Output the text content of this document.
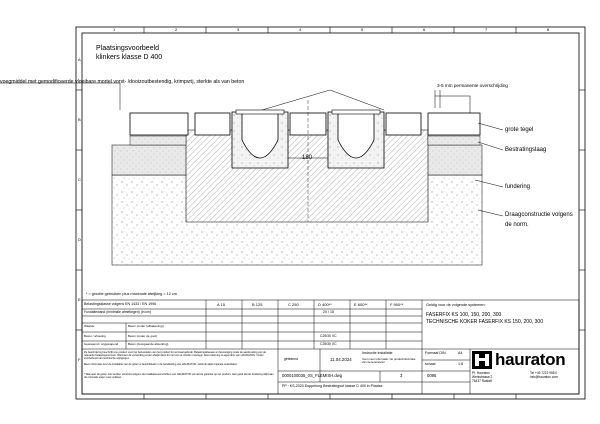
1	2	3	4	5	6	7	8
A
B
C
D
E
F
Plaatsingsvoorbeeld
klinkers klasse D 400
voegmiddel met gemodificeerde vloeibare mortel vorst- /dooizoutbestendig, krimpvrij, sterkte als van beton
3-5 mm permanente overschrijding
180
grote tegel
Bestratingslaag
fundering
Draagconstructie volgens
de norm.
* = grootte gebruiken plus maximale afwijking = 12 cm
Belastingsklasse volgens EN 1433 / EN 1996	A 15	B 125	C 250	D 400**	E 600**	F 900**
Fundatiewand (minimale afmetingen) (in cm)	20 / 15
Waarde	Beton (onder (afbakening))
Beton / afmeting	Beton (onder de goot)	C25/30 XC
Gewapend / ongewapend	Beton (doorgaande afwerking)	C25/30 XC
De beschrijving beschrijft ons product voor het behandelen van het product bij normaal gebruik. Belastingsklassen en bevestiging zoals de aanbeveling van de relevante belastingsnormen. Wanneer de verwerking ervan afwijkt dient dit met ons te worden overlegd. Deze tekening is eigendom van HAURATON. Onder voorbehoud van technische wijzigingen.
Meer informatie over de installatie van de goten is beschikbaar in de handleiding van HAURATON. Gebruik altijd originele onderdelen.
* Wanneer de goten niet worden verwerkt volgens de installatievoorschriften van HAURATON vervalt de garantie op het product. Hier geldt dat de fundering altijd aan de minimale eisen moet voldoen.
Geldig voor de volgende systemen:
FASERFIX KS 100, 150, 200, 300
TECHNISCHE KOKER FASERFIX KS 150, 200, 300
getekend	11.04.2024
Instructie installatie
Voor meer informatie: zie productinformatie van de leverancier
0000100035_0S_FLEMISH.dwg	3
PP : KS-2020 Doppelung Bestratingsof klasse D 400 in Plaatse
Formaat DIN	A4
schaal	1:8
0095
hauraton
Pf. Hauraton
Werkstrasse 2
76437 Rastatt
Tel +49 7222 958 0
info@hauraton.com
